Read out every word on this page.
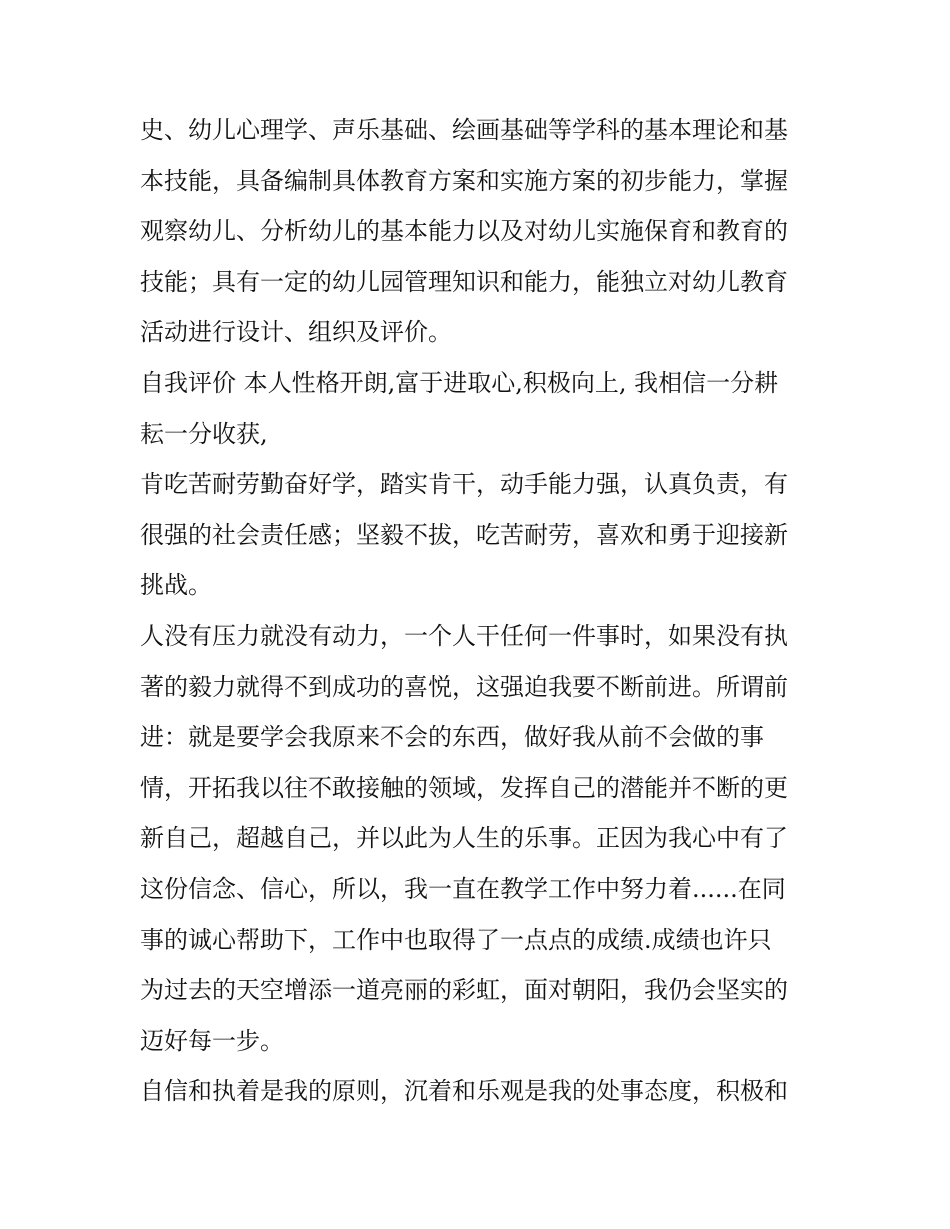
史、幼儿心理学、声乐基础、绘画基础等学科的基本理论和基
本技能，具备编制具体教育方案和实施方案的初步能力，掌握
观察幼儿、分析幼儿的基本能力以及对幼儿实施保育和教育的
技能；具有一定的幼儿园管理知识和能力，能独立对幼儿教育
活动进行设计、组织及评价。
自我评价 本人性格开朗,富于进取心,积极向上, 我相信一分耕
耘一分收获,
肯吃苦耐劳勤奋好学，踏实肯干，动手能力强，认真负责，有
很强的社会责任感；坚毅不拔，吃苦耐劳，喜欢和勇于迎接新
挑战。
人没有压力就没有动力，一个人干任何一件事时，如果没有执
著的毅力就得不到成功的喜悦，这强迫我要不断前进。所谓前
进：就是要学会我原来不会的东西，做好我从前不会做的事
情，开拓我以往不敢接触的领域，发挥自己的潜能并不断的更
新自己，超越自己，并以此为人生的乐事。正因为我心中有了
这份信念、信心，所以，我一直在教学工作中努力着......在同
事的诚心帮助下，工作中也取得了一点点的成绩.成绩也许只
为过去的天空增添一道亮丽的彩虹，面对朝阳，我仍会坚实的
迈好每一步。
自信和执着是我的原则，沉着和乐观是我的处事态度，积极和
